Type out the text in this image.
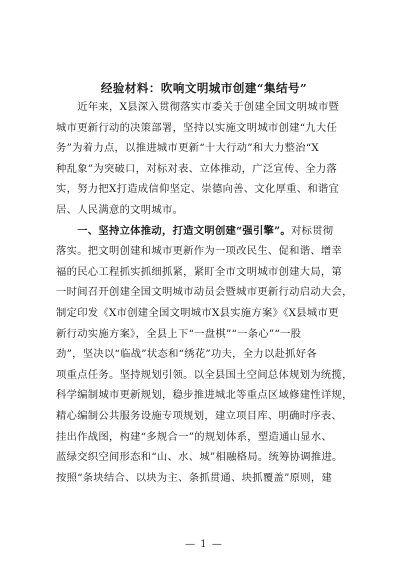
经验材料：吹响文明城市创建“集结号”
　　近年来，X县深入贯彻落实市委关于创建全国文明城市暨
城市更新行动的决策部署，坚持以实施文明城市创建“九大任
务”为着力点，以推进城市更新“十大行动”和大力整治“X
种乱象”为突破口，对标对表、立体推动，广泛宣传、全力落
实，努力把X打造成信仰坚定、崇德向善、文化厚重、和谐宜
居、人民满意的文明城市。
　　一、坚持立体推动，打造文明创建“强引擎”。对标贯彻
落实。把文明创建和城市更新作为一项改民生、促和谐、增幸
福的民心工程抓实抓细抓紧，紧盯全市文明城市创建大局，第
一时间召开创建全国文明城市动员会暨城市更新行动启动大会，
制定印发《X市创建全国文明城市X县实施方案》《X县城市更
新行动实施方案》，全县上下“一盘棋”“一条心”“一股
劲”，坚决以“临战”状态和“绣花”功夫，全力以赴抓好各
项重点任务。坚持规划引领。以全县国土空间总体规划为统揽，
科学编制城市更新规划，稳步推进城北等重点区域修建性详规，
精心编制公共服务设施专项规划，建立项目库、明确时序表、
挂出作战图，构建“多规合一”的规划体系，塑造通山显水、
蓝绿交织空间形态和“山、水、城”相融格局。统筹协调推进。
按照“条块结合、以块为主、条抓贯通、块抓覆盖”原则，建
— 1 —
